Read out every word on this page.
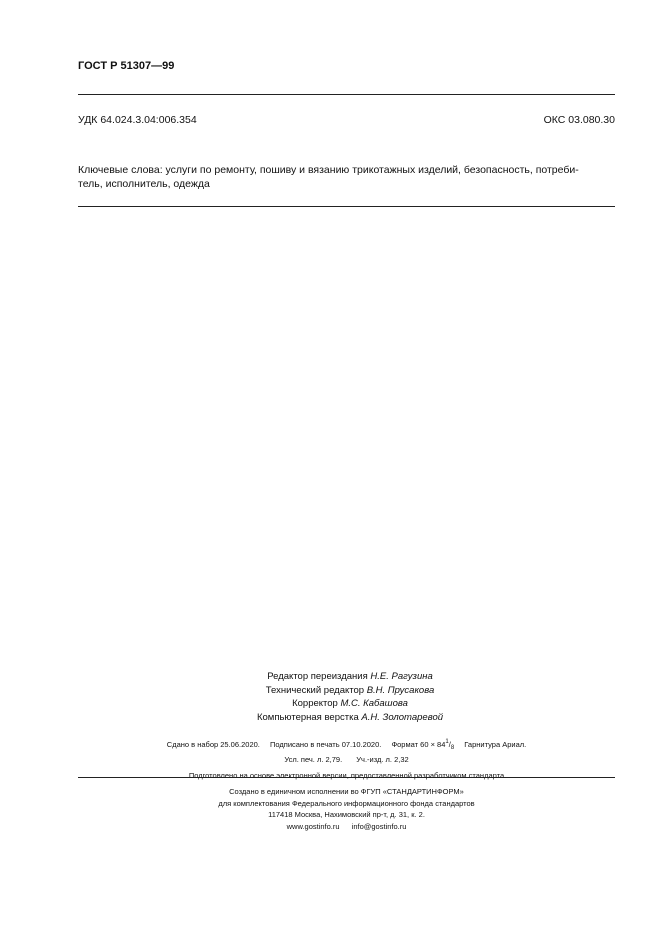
ГОСТ Р 51307—99
УДК 64.024.3.04:006.354	ОКС 03.080.30
Ключевые слова: услуги по ремонту, пошиву и вязанию трикотажных изделий, безопасность, потреби-
тель, исполнитель, одежда
Редактор переиздания Н.Е. Рагузина
Технический редактор В.Н. Прусакова
Корректор М.С. Кабашова
Компьютерная верстка А.Н. Золотаревой
Сдано в набор 25.06.2020. Подписано в печать 07.10.2020. Формат $60 \times 84^1/_8$ Гарнитура Ариал.
Усл. печ. л. 2,79. Уч.-изд. л. 2,32
Подготовлено на основе электронной версии, предоставленной разработчиком стандарта
Создано в единичном исполнении во ФГУП «СТАНДАРТИНФОРМ»
для комплектования Федерального информационного фонда стандартов
117418 Москва, Нахимовский пр-т, д. 31, к. 2.
www.gostinfo.ru info@gostinfo.ru
